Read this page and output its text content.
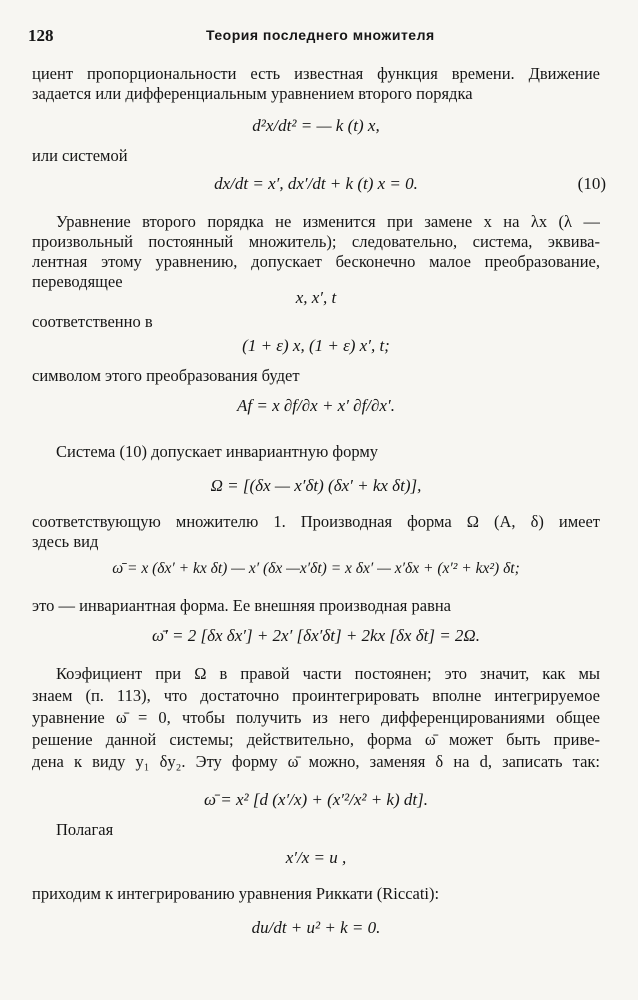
128	Теория последнего множителя
циент пропорциональности есть известная функция времени. Движение
задается или дифференциальным уравнением второго порядка
d²x/dt² = — k (t) x,
или системой
dx/dt = x′, dx′/dt + k (t) x = 0.	(10)
Уравнение второго порядка не изменится при замене x на λx (λ —
произвольный постоянный множитель); следовательно, система, эквива-
лентная этому уравнению, допускает бесконечно малое преобразование,
переводящее
x, x′, t
соответственно в
(1 + ε) x, (1 + ε) x′, t;
символом этого преобразования будет
Af = x ∂f/∂x + x′ ∂f/∂x′.
Система (10) допускает инвариантную форму
Ω = [(δx — x′δt) (δx′ + kx δt)],
соответствующую множителю 1. Производная форма Ω (A, δ) имеет
здесь вид
ω̄ = x (δx′ + kx δt) — x′ (δx —x′δt) = x δx′ — x′δx + (x′² + kx²) δt;
это — инвариантная форма. Ее внешняя производная равна
ω̄′ = 2 [δx δx′] + 2x′ [δx′δt] + 2kx [δx δt] = 2Ω.
Коэфициент при Ω в правой части постоянен; это значит, как мы
знаем (п. 113), что достаточно проинтегрировать вполне интегрируемое
уравнение ω̄ = 0, чтобы получить из него дифференцированиями общее
решение данной системы; действительно, форма ω̄ может быть приве-
дена к виду y₁ δy₂. Эту форму ω̄ можно, заменяя δ на d, записать так:
ω̄ = x² [d (x′/x) + (x′²/x² + k) dt].
Полагая
x′/x = u ,
приходим к интегрированию уравнения Риккати (Riccati):
du/dt + u² + k = 0.
